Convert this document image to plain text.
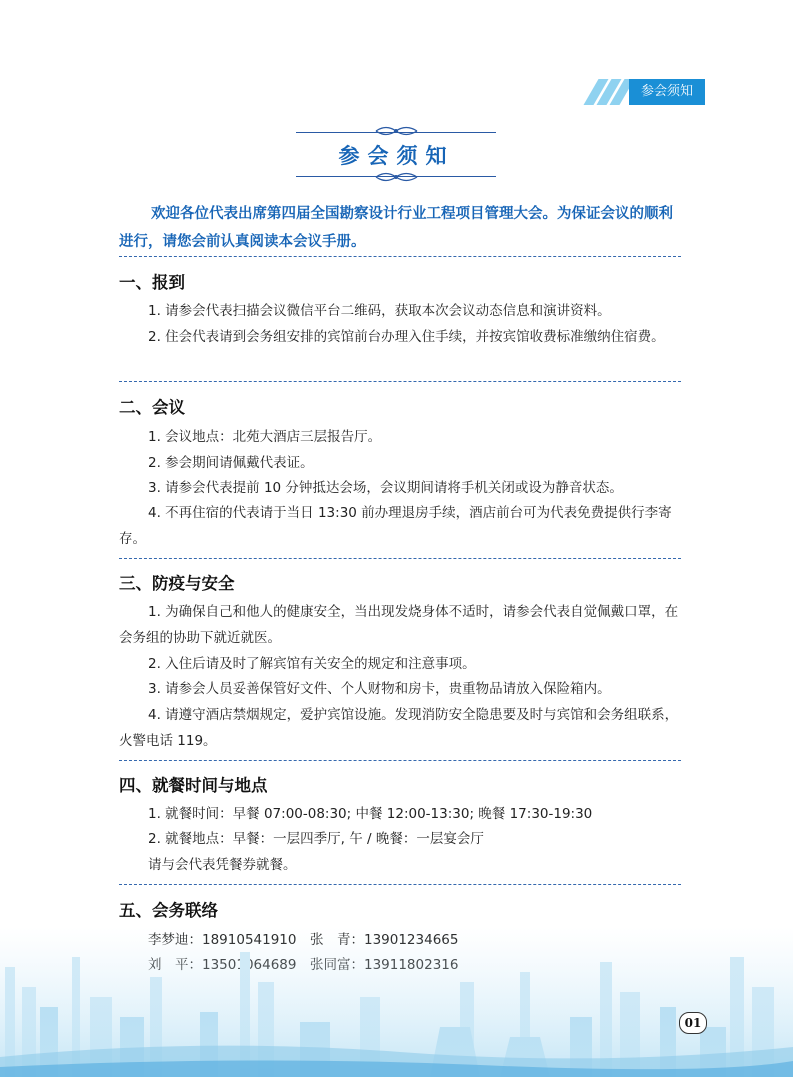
参会须知
参会须知
欢迎各位代表出席第四届全国勘察设计行业工程项目管理大会。为保证会议的顺利进行，请您会前认真阅读本会议手册。
一、报到
1. 请参会代表扫描会议微信平台二维码，获取本次会议动态信息和演讲资料。
2. 住会代表请到会务组安排的宾馆前台办理入住手续，并按宾馆收费标准缴纳住宿费。
二、会议
1. 会议地点：北苑大酒店三层报告厅。
2. 参会期间请佩戴代表证。
3. 请参会代表提前 10 分钟抵达会场，会议期间请将手机关闭或设为静音状态。
4. 不再住宿的代表请于当日 13:30 前办理退房手续，酒店前台可为代表免费提供行李寄存。
三、防疫与安全
1. 为确保自己和他人的健康安全，当出现发烧身体不适时，请参会代表自觉佩戴口罩，在会务组的协助下就近就医。
2. 入住后请及时了解宾馆有关安全的规定和注意事项。
3. 请参会人员妥善保管好文件、个人财物和房卡，贵重物品请放入保险箱内。
4. 请遵守酒店禁烟规定，爱护宾馆设施。发现消防安全隐患要及时与宾馆和会务组联系，火警电话 119。
四、就餐时间与地点
1. 就餐时间：早餐 07:00-08:30; 中餐 12:00-13:30; 晚餐 17:30-19:30
2. 就餐地点：早餐：一层四季厅, 午 / 晚餐：一层宴会厅
请与会代表凭餐券就餐。
五、会务联络
01
